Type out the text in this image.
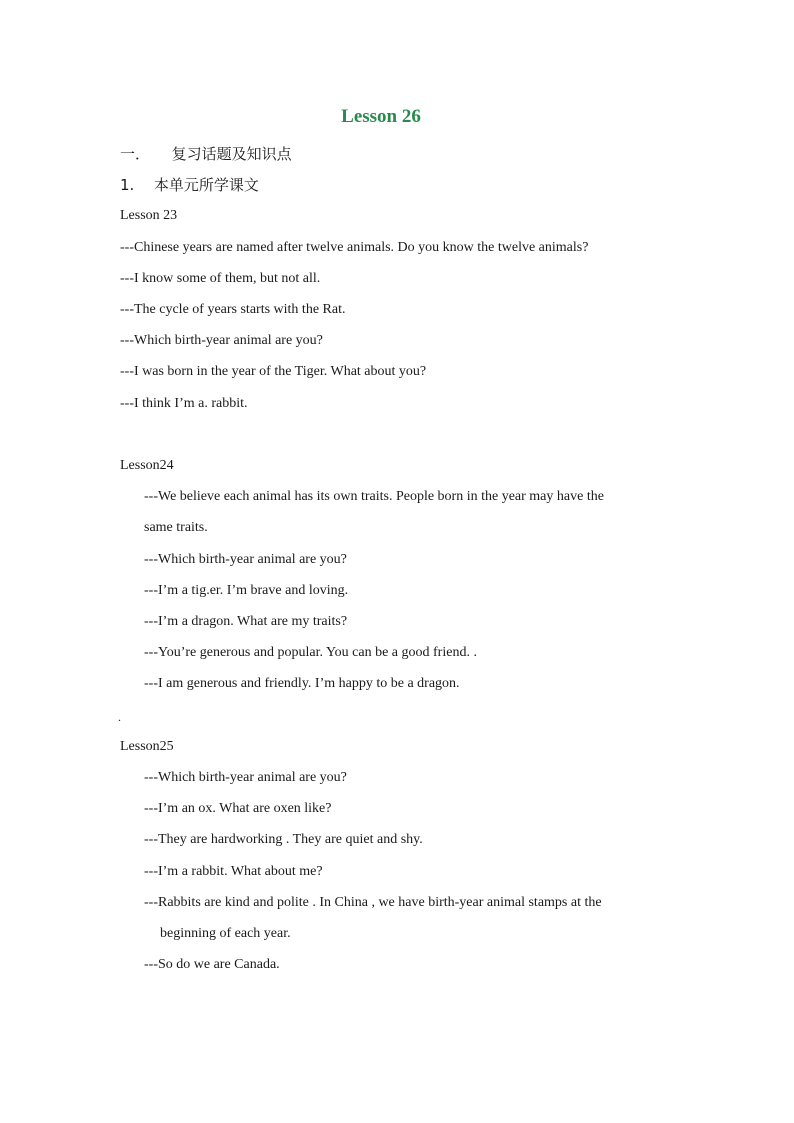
Lesson 26
一． 复习话题及知识点
1. 本单元所学课文
Lesson 23
---Chinese years are named after twelve animals. Do you know the twelve animals?
---I know some of them, but not all.
---The cycle of years starts with the Rat.
---Which birth-year animal are you?
---I was born in the year of the Tiger. What about you?
---I think I’m a. rabbit.
Lesson24
---We believe each animal has its own traits. People born in the year may have the
same traits.
---Which birth-year animal are you?
---I’m a tig.er. I’m brave and loving.
---I’m a dragon. What are my traits?
---You’re generous and popular. You can be a good friend. .
---I am generous and friendly. I’m happy to be a dragon.
.
Lesson25
---Which birth-year animal are you?
---I’m an ox. What are oxen like?
---They are hardworking . They are quiet and shy.
---I’m a rabbit. What about me?
---Rabbits are kind and polite . In China , we have birth-year animal stamps at the
beginning of each year.
---So do we are Canada.
